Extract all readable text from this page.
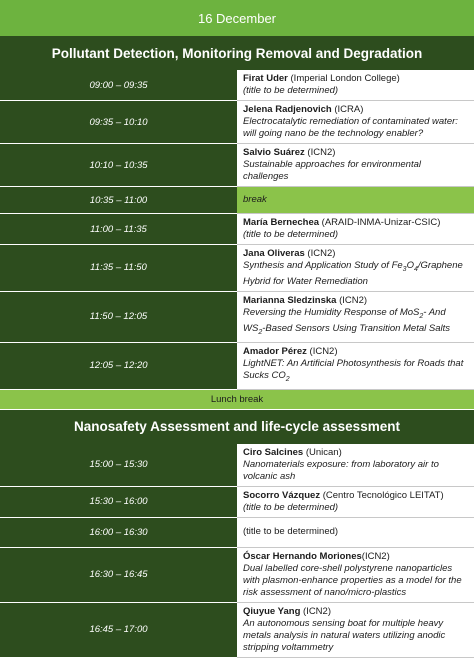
16 December	
Pollutant Detection, Monitoring Removal and Degradation	
09:00 – 09:35	Firat Uder (Imperial London College)
(title to be determined)

09:35 – 10:10	Jelena Radjenovich (ICRA)
Electrocatalytic remediation of contaminated water: will going nano be the technology enabler?

10:10 – 10:35	Salvio Suárez (ICN2)
Sustainable approaches for environmental challenges

10:35 – 11:00	break
11:00 – 11:35	María Bernechea (ARAID-INMA-Unizar-CSIC)
(title to be determined)

11:35 – 11:50	Jana Oliveras (ICN2)
Synthesis and Application Study of $Fe_3O_4$/Graphene Hybrid for Water Remediation

11:50 – 12:05	Marianna Sledzinska (ICN2)
Reversing the Humidity Response of MoS$_2$- And $WS_2$-Based Sensors Using Transition Metal Salts

12:05 – 12:20	Amador Pérez (ICN2)
LightNET: An Artificial Photosynthesis for Roads that Sucks $CO_2$

Lunch break	
Nanosafety Assessment and life-cycle assessment	
15:00 – 15:30	Ciro Salcines (Unican)
Nanomaterials exposure: from laboratory air to volcanic ash

15:30 – 16:00	Socorro Vázquez (Centro Tecnológico LEITAT)
(title to be determined)

16:00 – 16:30	(title to be determined)
16:30 – 16:45	Óscar Hernando Moriones(ICN2)
Dual labelled core-shell polystyrene nanoparticles with plasmon-enhance properties as a model for the risk assessment of nano/micro-plastics

16:45 – 17:00	Qiuyue Yang (ICN2)
An autonomous sensing boat for multiple heavy metals analysis in natural waters utilizing anodic stripping voltammetry
